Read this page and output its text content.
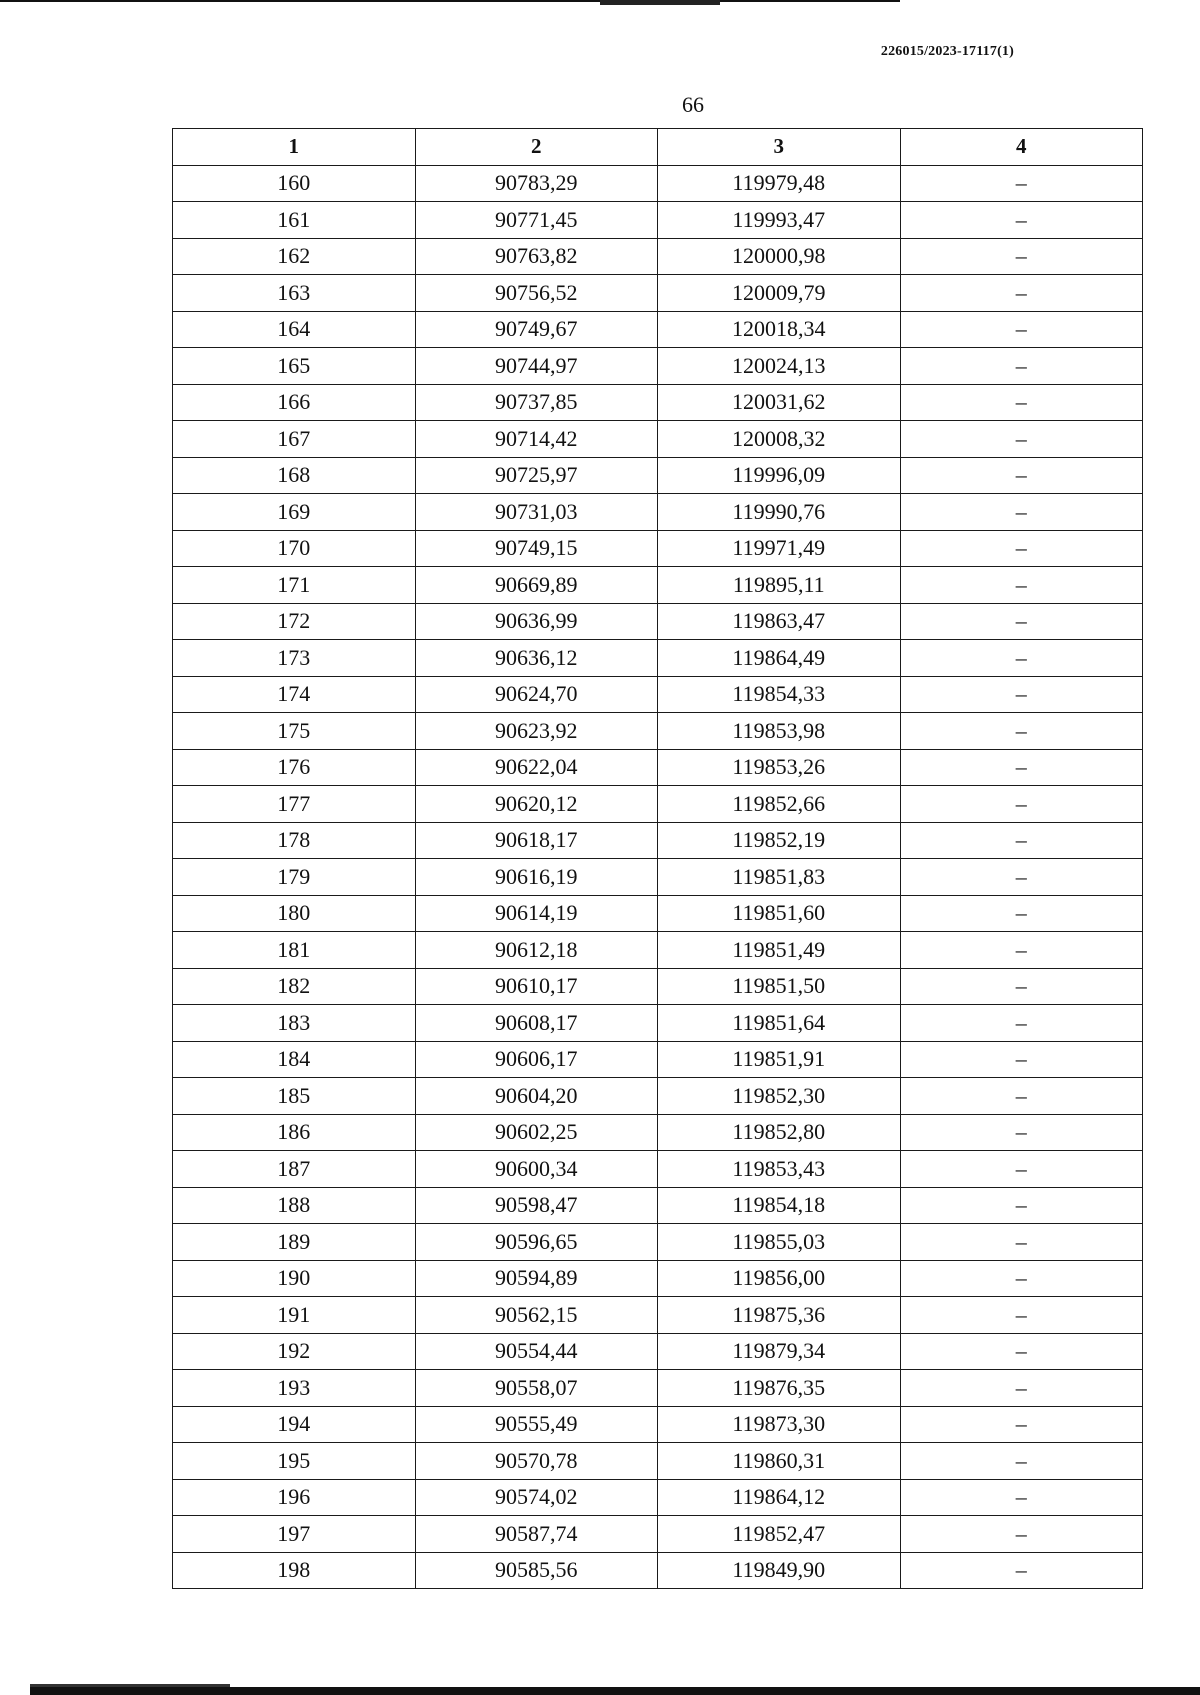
226015/2023-17117(1)
66
1	2	3	4
160	90783,29	119979,48	–
161	90771,45	119993,47	–
162	90763,82	120000,98	–
163	90756,52	120009,79	–
164	90749,67	120018,34	–
165	90744,97	120024,13	–
166	90737,85	120031,62	–
167	90714,42	120008,32	–
168	90725,97	119996,09	–
169	90731,03	119990,76	–
170	90749,15	119971,49	–
171	90669,89	119895,11	–
172	90636,99	119863,47	–
173	90636,12	119864,49	–
174	90624,70	119854,33	–
175	90623,92	119853,98	–
176	90622,04	119853,26	–
177	90620,12	119852,66	–
178	90618,17	119852,19	–
179	90616,19	119851,83	–
180	90614,19	119851,60	–
181	90612,18	119851,49	–
182	90610,17	119851,50	–
183	90608,17	119851,64	–
184	90606,17	119851,91	–
185	90604,20	119852,30	–
186	90602,25	119852,80	–
187	90600,34	119853,43	–
188	90598,47	119854,18	–
189	90596,65	119855,03	–
190	90594,89	119856,00	–
191	90562,15	119875,36	–
192	90554,44	119879,34	–
193	90558,07	119876,35	–
194	90555,49	119873,30	–
195	90570,78	119860,31	–
196	90574,02	119864,12	–
197	90587,74	119852,47	–
198	90585,56	119849,90	–
